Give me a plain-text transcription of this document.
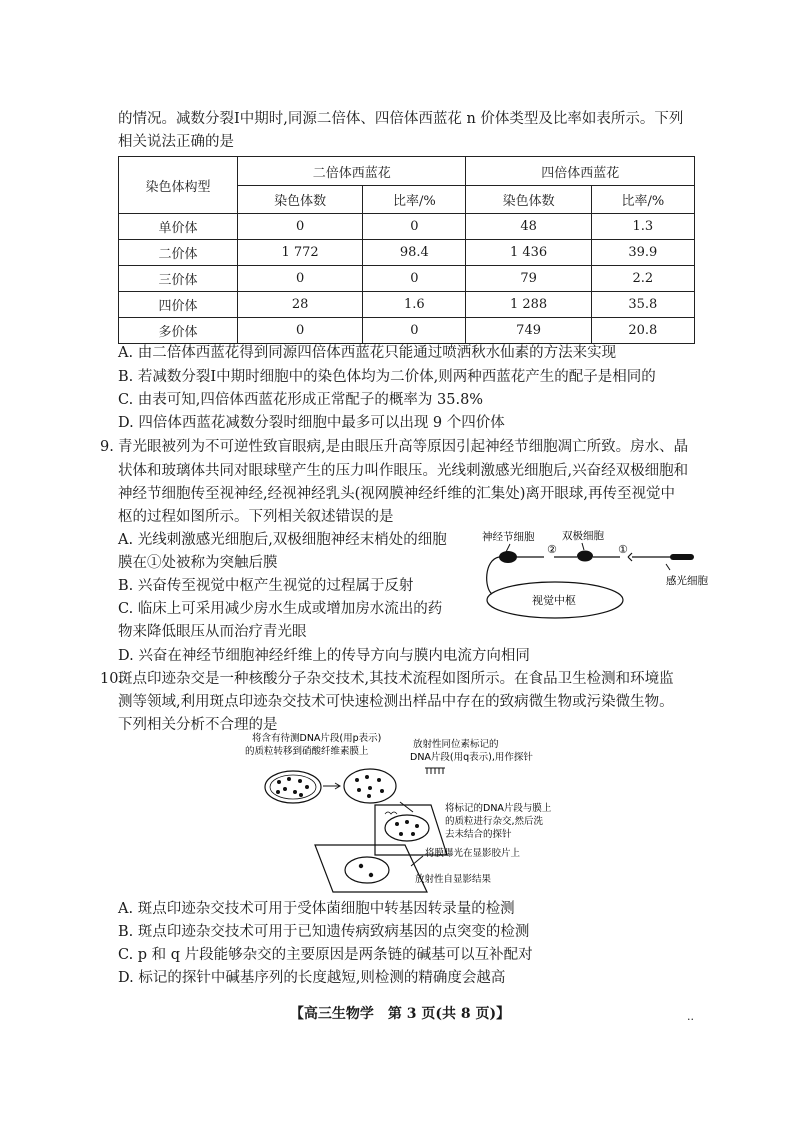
的情况。减数分裂Ⅰ中期时,同源二倍体、四倍体西蓝花 n 价体类型及比率如表所示。下列
相关说法正确的是
染色体构型	二倍体西蓝花		四倍体西蓝花	
	染色体数	比率/%	染色体数	比率/%
单价体	0	0	48	1.3
二价体	1 772	98.4	1 436	39.9
三价体	0	0	79	2.2
四价体	28	1.6	1 288	35.8
多价体	0	0	749	20.8
A. 由二倍体西蓝花得到同源四倍体西蓝花只能通过喷洒秋水仙素的方法来实现
B. 若减数分裂Ⅰ中期时细胞中的染色体均为二价体,则两种西蓝花产生的配子是相同的
C. 由表可知,四倍体西蓝花形成正常配子的概率为 35.8%
D. 四倍体西蓝花减数分裂时细胞中最多可以出现 9 个四价体
9. 青光眼被列为不可逆性致盲眼病,是由眼压升高等原因引起神经节细胞凋亡所致。房水、晶
状体和玻璃体共同对眼球壁产生的压力叫作眼压。光线刺激感光细胞后,兴奋经双极细胞和
神经节细胞传至视神经,经视神经乳头(视网膜神经纤维的汇集处)离开眼球,再传至视觉中
枢的过程如图所示。下列相关叙述错误的是
A. 光线刺激感光细胞后,双极细胞神经末梢处的细胞
膜在①处被称为突触后膜
B. 兴奋传至视觉中枢产生视觉的过程属于反射
C. 临床上可采用减少房水生成或增加房水流出的药
物来降低眼压从而治疗青光眼
D. 兴奋在神经节细胞神经纤维上的传导方向与膜内电流方向相同
神经节细胞	双极细胞
感光细胞
②	①
视觉中枢
10.
斑点印迹杂交是一种核酸分子杂交技术,其技术流程如图所示。在食品卫生检测和环境监
测等领域,利用斑点印迹杂交技术可快速检测出样品中存在的致病微生物或污染微生物。
下列相关分析不合理的是
将含有待测DNA片段(用p表示)
的质粒转移到硝酸纤维素膜上
放射性同位素标记的
DNA片段(用q表示),用作探针
将标记的DNA片段与膜上
的质粒进行杂交,然后洗
去未结合的探针
将膜曝光在显影胶片上
放射性自显影结果
A. 斑点印迹杂交技术可用于受体菌细胞中转基因转录量的检测
B. 斑点印迹杂交技术可用于已知遗传病致病基因的点突变的检测
C. p 和 q 片段能够杂交的主要原因是两条链的碱基可以互补配对
D. 标记的探针中碱基序列的长度越短,则检测的精确度会越高
【高三生物学　第 3 页(共 8 页)】	..
